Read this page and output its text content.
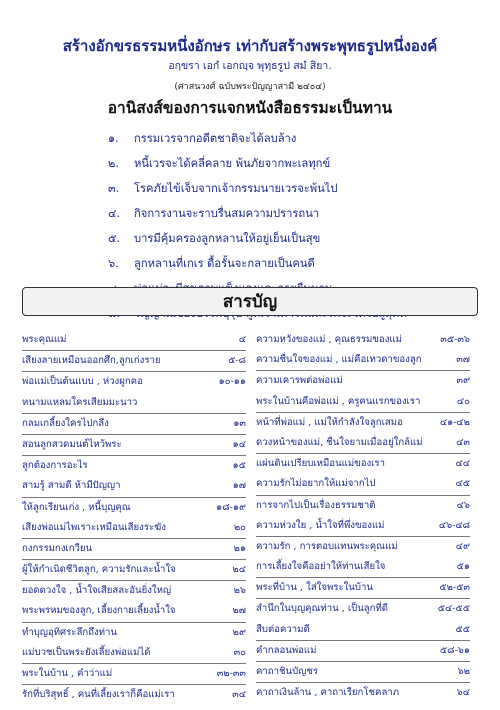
สร้างอักขรธรรมหนึ่งอักษร เท่ากับสร้างพระพุทธรูปหนึ่งองค์
อกฺขรา เอกํ เอกญฺจ พุทฺธรูป สมํ สิยา.
(ศาสนวงศ์ ฉบับพระปัญญาสามี ๒๔๐๔)
อานิสงส์ของการแจกหนังสือธรรมะเป็นทาน
๑. กรรมเวรจากอดีตชาติจะได้ลบล้าง
๒. หนี้เวรจะได้คลี่คลาย พ้นภัยจากพะเลทุกข์
๓. โรคภัยไข้เจ็บจากเจ้ากรรมนายเวรจะพ้นไป
๔. กิจการงานจะราบรื่นสมความปรารถนา
๕. บารมีคุ้มครองลูกหลานให้อยู่เย็นเป็นสุข
๖. ลูกหลานที่เกเร ดื้อรั้นจะกลายเป็นคนดี
สารบัญ
พระคุณแม่	๔
เสียงลายเหมือนออกศึก,ลูกเก่งราย	๕-๘
พ่อแม่เป็นต้นแบบ , ห่วงผูกคอ	๑๐-๑๑
หนามแหลมใครเสียมมะนาว
กลมเกลี้ยงใครไปกลึง	๑๓
สอนลูกสวดมนต์ไหว้พระ	๑๔
ลูกต้องการอะไร	๑๕
สามรู้ สามดี ห้ามีปัญญา	๑๗
ให้ลูกเรียนเก่ง , หนี้บุญคุณ	๑๘-๑๙
เสียงพ่อแม่ไพเราะเหมือนเสียงระฆัง	๒๐
กงกรรมกงเกวียน	๒๑
ผู้ให้กำเนิดชีวิตลูก, ความรักและน้ำใจ	๒๔
ยอดดวงใจ , น้ำใจเสียสละอันยิ่งใหญ่	๒๖
พระพรหมของลูก, เลี้ยงกายเลี้ยงน้ำใจ	๒๗
ทำบุญอุทิศระลึกถึงท่าน	๒๙
แม่บวชเป็นพระยังเลี้ยงพ่อแม่ได้	๓๐
พระในบ้าน , คำว่าแม่	๓๒-๓๓
รักที่บริสุทธิ์ , คนที่เลี้ยงเราก็คือแม่เรา	๓๔
ความหวังของแม่ , คุณธรรมของแม่	๓๕-๓๖
ความชื่นใจของแม่ , แม่คือเทวดาของลูก	๓๗
ความเคารพต่อพ่อแม่	๓๙
พระในบ้านคือพ่อแม่ , ครูคนแรกของเรา	๔๐
หน้าที่พ่อแม่ , แม่ให้กำลังใจลูกเสมอ	๔๑-๔๒
ดวงหน้าของแม่, ชื่นใจยามเมื่ออยู่ใกล้แม่	๔๓
แผ่นดินเปรียบเหมือนแม่ของเรา	๔๔
ความรักไม่อยากให้แม่จากไป	๔๕
การจากไปเป็นเรื่องธรรมชาติ	๔๖
ความห่วงใย , น้ำใจที่พึ่งของแม่	๔๖-๔๘
ความรัก , การตอบแทนพระคุณแม่	๔๙
การเลี้ยงใจคืออย่าให้ท่านเสียใจ	๕๑
พระที่บ้าน , ใส่ใจพระในบ้าน	๕๒-๕๓
สำนึกในบุญคุณท่าน , เป็นลูกที่ดี	๕๔-๕๕
สืบต่อความดี	๕๕
คำกลอนพ่อแม่	๕๘-๖๑
คาถาชินบัญชร	๖๒
คาถาเงินล้าน , คาถาเรียกโชคลาภ	๖๔
